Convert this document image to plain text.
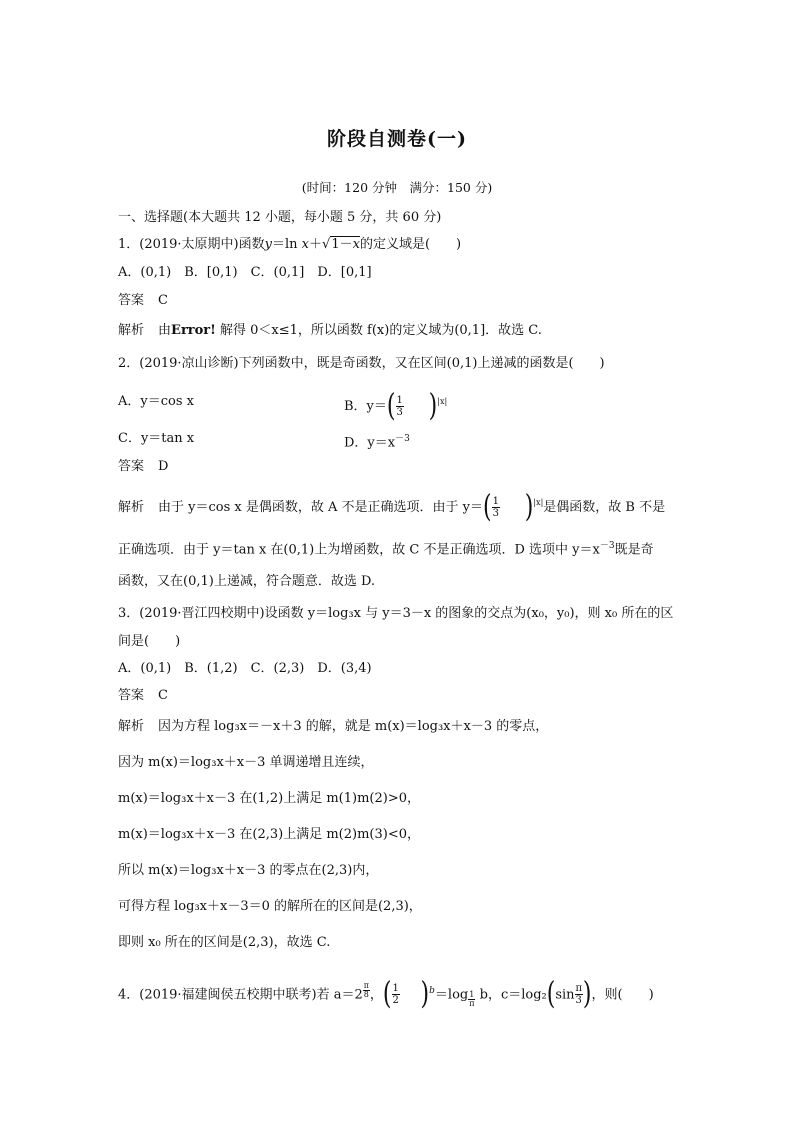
阶段自测卷(一)
(时间：120 分钟　满分：150 分)
一、选择题(本大题共 12 小题，每小题 5 分，共 60 分)
1．(2019·太原期中)函数y＝ln x＋√1－x的定义域是(　　)
A．(0,1)　B．[0,1)　C．(0,1]　D．[0,1]
答案 C
解析 由Error! 解得 0＜x≤1，所以函数 f(x)的定义域为(0,1]．故选 C.
2．(2019·凉山诊断)下列函数中，既是奇函数，又在区间(0,1)上递减的函数是(　　)
A．y＝cos x	B．$y=( \frac{1}{3} )^{|x|}$
C．y＝tan x	D．$y=x^{-3}$
答案 D
解析 由于 y＝cos x 是偶函数，故 A 不是正确选项．由于 $y=( \frac{1}{3} )^{|x|}$是偶函数，故 B 不是
正确选项．由于 y＝tan x 在(0,1)上为增函数，故 C 不是正确选项．D 选项中 $y=x^{-3}$既是奇
函数，又在(0,1)上递减，符合题意．故选 D.
3．(2019·晋江四校期中)设函数 y＝log₃x 与 y＝3－x 的图象的交点为(x₀，y₀)，则 x₀ 所在的区
间是(　　)
A．(0,1)　B．(1,2)　C．(2,3)　D．(3,4)
答案 C
解析 因为方程 log₃x＝－x＋3 的解，就是 m(x)＝log₃x＋x－3 的零点，
因为 m(x)＝log₃x＋x－3 单调递增且连续，
m(x)＝log₃x＋x－3 在(1,2)上满足 m(1)m(2)>0，
m(x)＝log₃x＋x－3 在(2,3)上满足 m(2)m(3)<0，
所以 m(x)＝log₃x＋x－3 的零点在(2,3)内，
可得方程 log₃x＋x－3＝0 的解所在的区间是(2,3)，
即则 x₀ 所在的区间是(2,3)，故选 C.
4．(2019·福建闽侯五校期中联考)若 a＝2 $^{\frac{\pi}{8}}$ ，( $\frac{1}{2} )^b=\log$ $_{\frac{1}{\pi}}$ b，$c=\log_2(\sin \frac{\pi}{3}$ )，则(　　)
